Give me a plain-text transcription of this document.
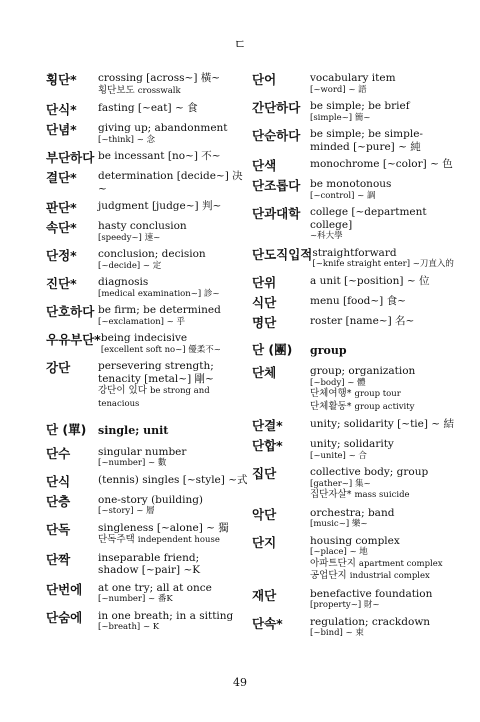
ㄷ
횡단*	crossing [across~] 橫~
횡단보도 crosswalk
단식*	fasting [~eat] ~ 食
단념*	giving up; abandonment
[~think] ~ 念
부단하다 be incessant [no~] 不~
결단*	determination [decide~] 决~
판단*	judgment [judge~] 判~
속단*	hasty conclusion
[speedy~] 速~
단정*	conclusion; decision
[~decide] ~ 定
진단*	diagnosis
[medical examination~] 診~
단호하다 be firm; be determined
[~exclamation] ~ 乎
우유부단* being indecisive
[excellent soft no~] 優柔不~
강단	persevering strength;
tenacity [metal~] 剛~
강단이 있다 be strong and tenacious
단 (單)	single; unit
단수	singular number
[~number] ~ 數
단식	(tennis) singles [~style] ~式
단층	one-story (building)
[~story] ~ 層
단독	singleness [~alone] ~ 獨
단독주택 independent house
단짝	inseparable friend;
shadow [~pair] ~K
단번에	at one try; all at once
[~number] ~ 番K
단숨에	in one breath; in a sitting
[~breath] ~ K
단어	vocabulary item
[~word] ~ 語
간단하다 be simple; be brief
[simple~] 簡~
단순하다 be simple; be simple-
minded [~pure] ~ 純
단색	monochrome [~color] ~ 色
단조롭다 be monotonous
[~control] ~ 調
단과대학 college [~department college]
~科大學
단도직입적 straightforward
[~knife straight enter] ~刀直入的
단위	a unit [~position] ~ 位
식단	menu [food~] 食~
명단	roster [name~] 名~
단 (團)	group
단체	group; organization
[~body] ~ 體
단체여행* group tour
단체활동* group activity
단결*	unity; solidarity [~tie] ~ 結
단합*	unity; solidarity
[~unite] ~ 合
집단	collective body; group
[gather~] 集~
집단자살* mass suicide
악단	orchestra; band
[music~] 樂~
단지	housing complex
[~place] ~ 地
아파트단지 apartment complex
공업단지 industrial complex
재단	benefactive foundation
[property~] 財~
단속*	regulation; crackdown
[~bind] ~ 束
49
